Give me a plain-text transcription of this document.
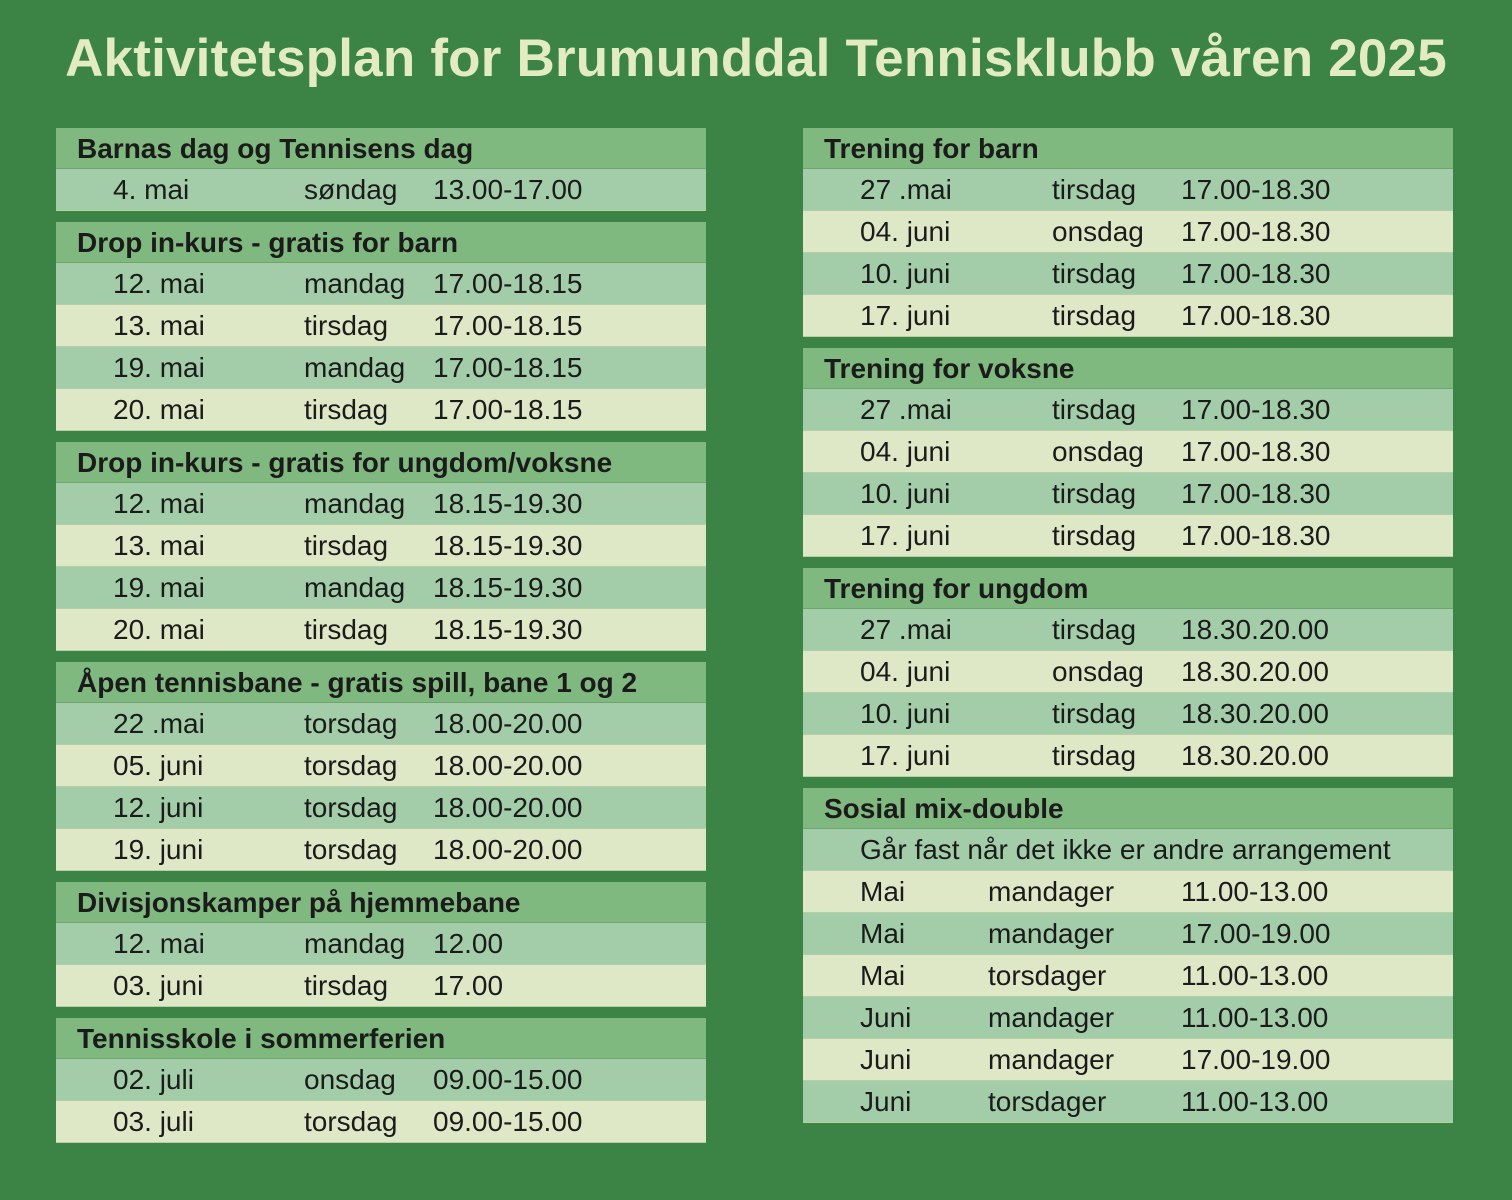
Aktivitetsplan for Brumunddal Tennisklubb våren 2025
Barnas dag og Tennisens dag
4. mai	søndag 13.00-17.00
Drop in-kurs - gratis for barn
12. mai	mandag 17.00-18.15
13. mai	tirsdag 17.00-18.15
19. mai	mandag 17.00-18.15
20. mai	tirsdag 17.00-18.15
Drop in-kurs - gratis for ungdom/voksne
12. mai	mandag 18.15-19.30
13. mai	tirsdag 18.15-19.30
19. mai	mandag 18.15-19.30
20. mai	tirsdag 18.15-19.30
Åpen tennisbane - gratis spill, bane 1 og 2
22 .mai	torsdag 18.00-20.00
05. juni	torsdag 18.00-20.00
12. juni	torsdag 18.00-20.00
19. juni	torsdag 18.00-20.00
Divisjonskamper på hjemmebane
12. mai	mandag 12.00
03. juni	tirsdag 17.00
Tennisskole i sommerferien
02. juli	onsdag 09.00-15.00
03. juli	torsdag 09.00-15.00
Trening for barn
27 .mai	tirsdag 17.00-18.30
04. juni	onsdag 17.00-18.30
10. juni	tirsdag 17.00-18.30
17. juni	tirsdag 17.00-18.30
Trening for voksne
27 .mai	tirsdag 17.00-18.30
04. juni	onsdag 17.00-18.30
10. juni	tirsdag 17.00-18.30
17. juni	tirsdag 17.00-18.30
Trening for ungdom
27 .mai	tirsdag 18.30.20.00
04. juni	onsdag 18.30.20.00
10. juni	tirsdag 18.30.20.00
17. juni	tirsdag 18.30.20.00
Sosial mix-double
Går fast når det ikke er andre arrangement
Mai	mandager 11.00-13.00
Mai	mandager 17.00-19.00
Mai	torsdager	11.00-13.00
Juni	mandager 11.00-13.00
Juni	mandager 17.00-19.00
Juni	torsdager	11.00-13.00
